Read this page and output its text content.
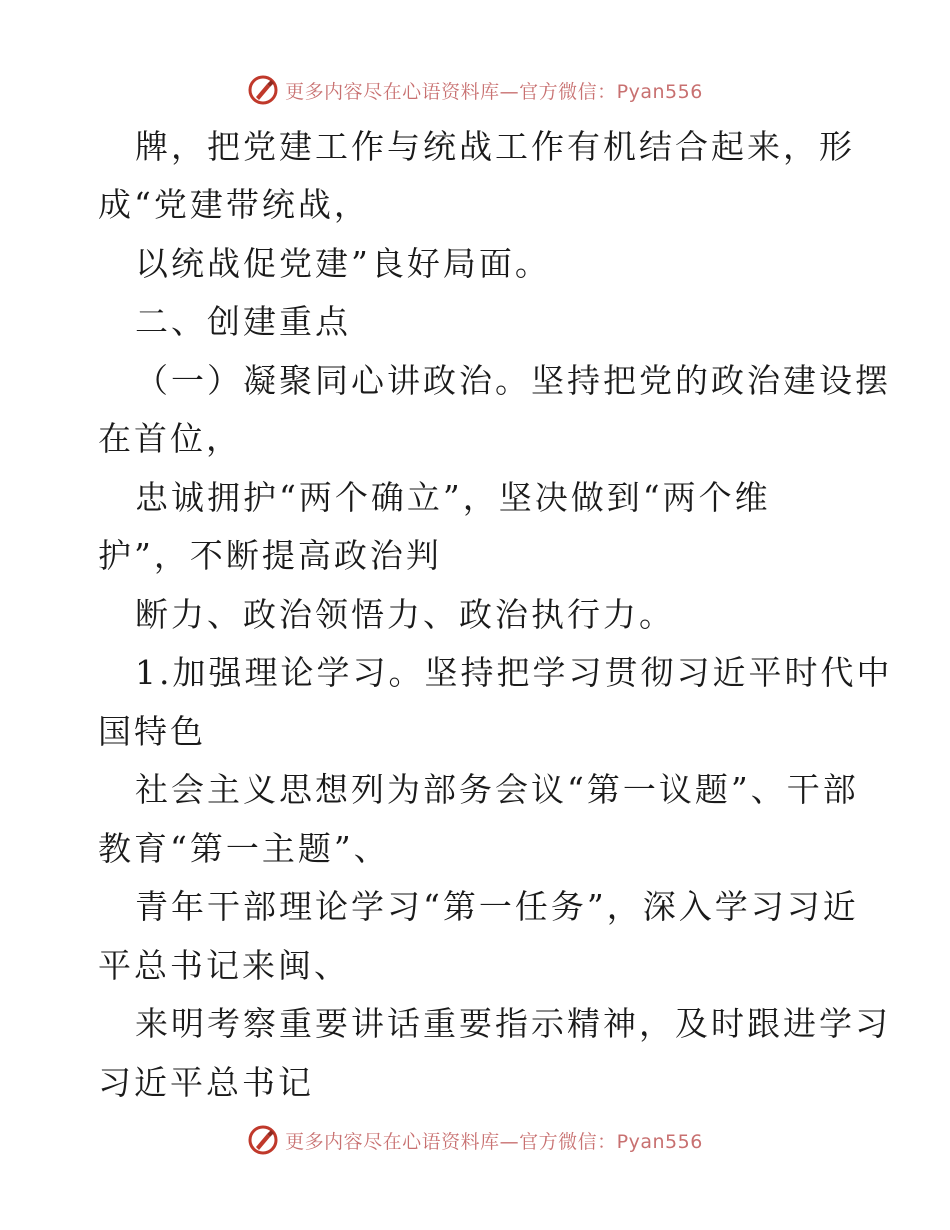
更多内容尽在心语资料库—官方微信：Pyan556
牌，把党建工作与统战工作有机结合起来，形
成“党建带统战，
以统战促党建”良好局面。
二、创建重点
（一）凝聚同心讲政治。坚持把党的政治建设摆
在首位，
忠诚拥护“两个确立”，坚决做到“两个维
护”，不断提高政治判
断力、政治领悟力、政治执行力。
1.加强理论学习。坚持把学习贯彻习近平时代中
国特色
社会主义思想列为部务会议“第一议题”、干部
教育“第一主题”、
青年干部理论学习“第一任务”，深入学习习近
平总书记来闽、
来明考察重要讲话重要指示精神，及时跟进学习
习近平总书记
更多内容尽在心语资料库—官方微信：Pyan556
